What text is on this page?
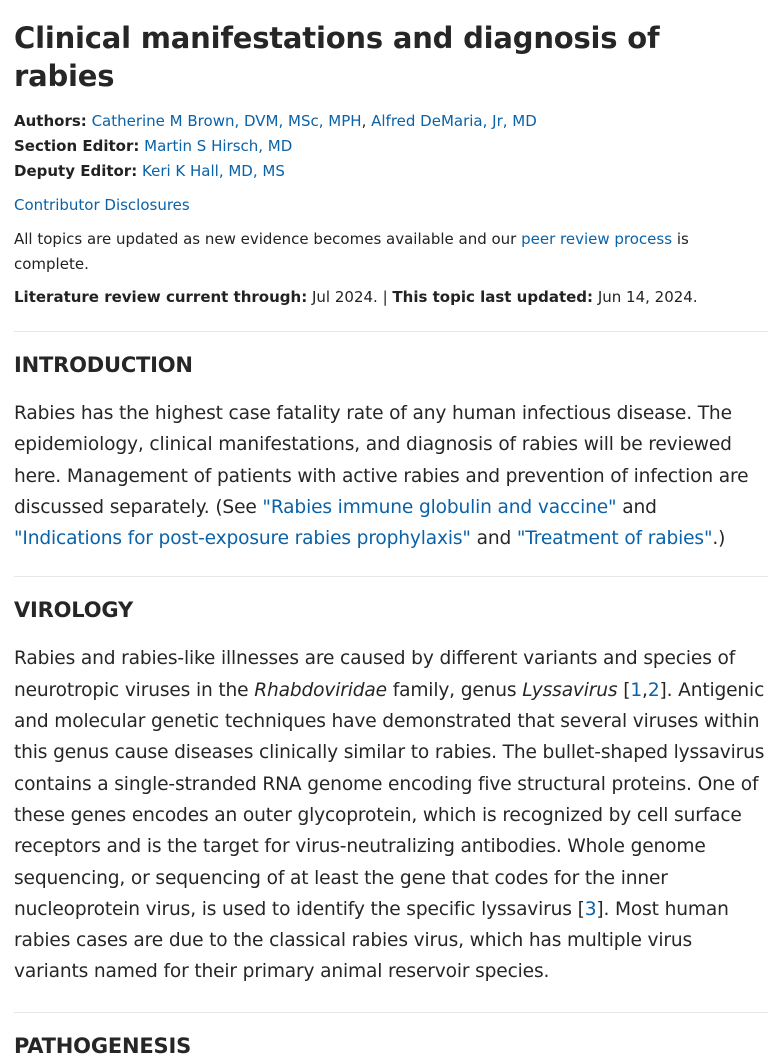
Clinical manifestations and diagnosis of rabies
Authors: Catherine M Brown, DVM, MSc, MPH, Alfred DeMaria, Jr, MD
Section Editor: Martin S Hirsch, MD
Deputy Editor: Keri K Hall, MD, MS
Contributor Disclosures
All topics are updated as new evidence becomes available and our peer review process is complete.
Literature review current through: Jul 2024. | This topic last updated: Jun 14, 2024.
INTRODUCTION

Rabies has the highest case fatality rate of any human infectious disease. The epidemiology, clinical manifestations, and diagnosis of rabies will be reviewed here. Management of patients with active rabies and prevention of infection are discussed separately. (See "Rabies immune globulin and vaccine" and "Indications for post-exposure rabies prophylaxis" and "Treatment of rabies".)

VIROLOGY

Rabies and rabies-like illnesses are caused by different variants and species of neurotropic viruses in the Rhabdoviridae family, genus Lyssavirus [1,2]. Antigenic and molecular genetic techniques have demonstrated that several viruses within this genus cause diseases clinically similar to rabies. The bullet-shaped lyssavirus contains a single-stranded RNA genome encoding five structural proteins. One of these genes encodes an outer glycoprotein, which is recognized by cell surface receptors and is the target for virus-neutralizing antibodies. Whole genome sequencing, or sequencing of at least the gene that codes for the inner nucleoprotein virus, is used to identify the specific lyssavirus [3]. Most human rabies cases are due to the classical rabies virus, which has multiple virus variants named for their primary animal reservoir species.

PATHOGENESIS
